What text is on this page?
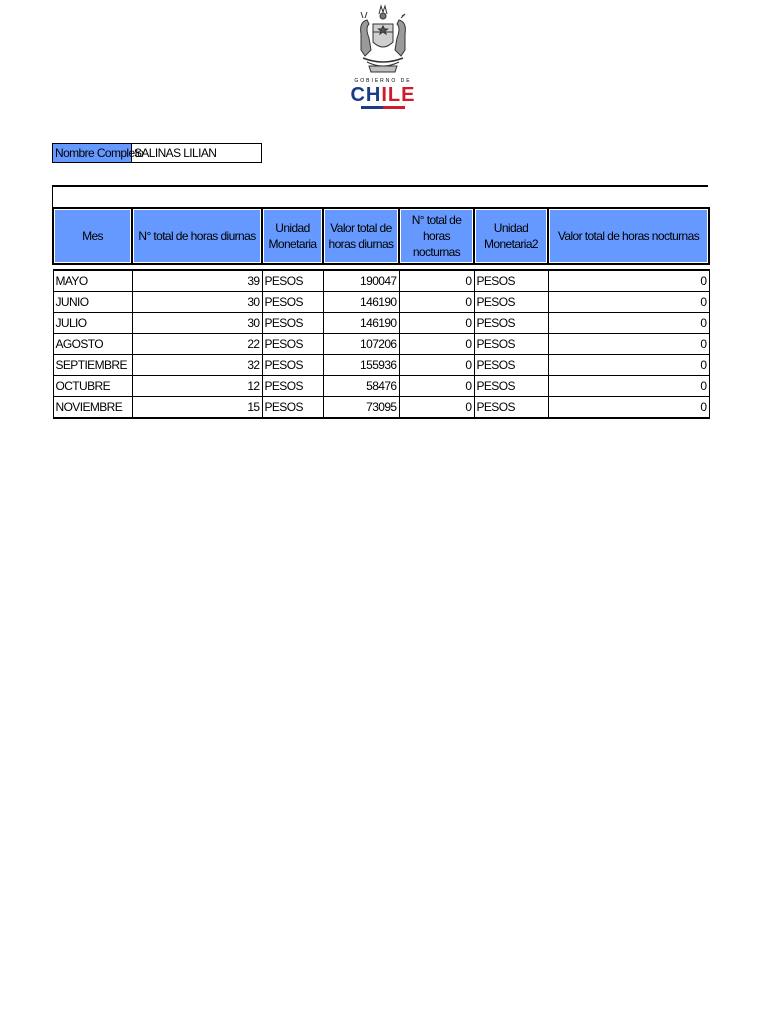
GOBIERNO DE
CHILE
Nombre Completo
SALINAS LILIAN
Mes	N° total de horas diurnas	Unidad Monetaria	Valor total de horas diurnas	N° total de horas nocturnas	Unidad Monetaria2	Valor total de horas nocturnas

MAYO	39	PESOS	190047	0	PESOS	0
JUNIO	30	PESOS	146190	0	PESOS	0
JULIO	30	PESOS	146190	0	PESOS	0
AGOSTO	22	PESOS	107206	0	PESOS	0
SEPTIEMBRE	32	PESOS	155936	0	PESOS	0
OCTUBRE	12	PESOS	58476	0	PESOS	0
NOVIEMBRE	15	PESOS	73095	0	PESOS	0
